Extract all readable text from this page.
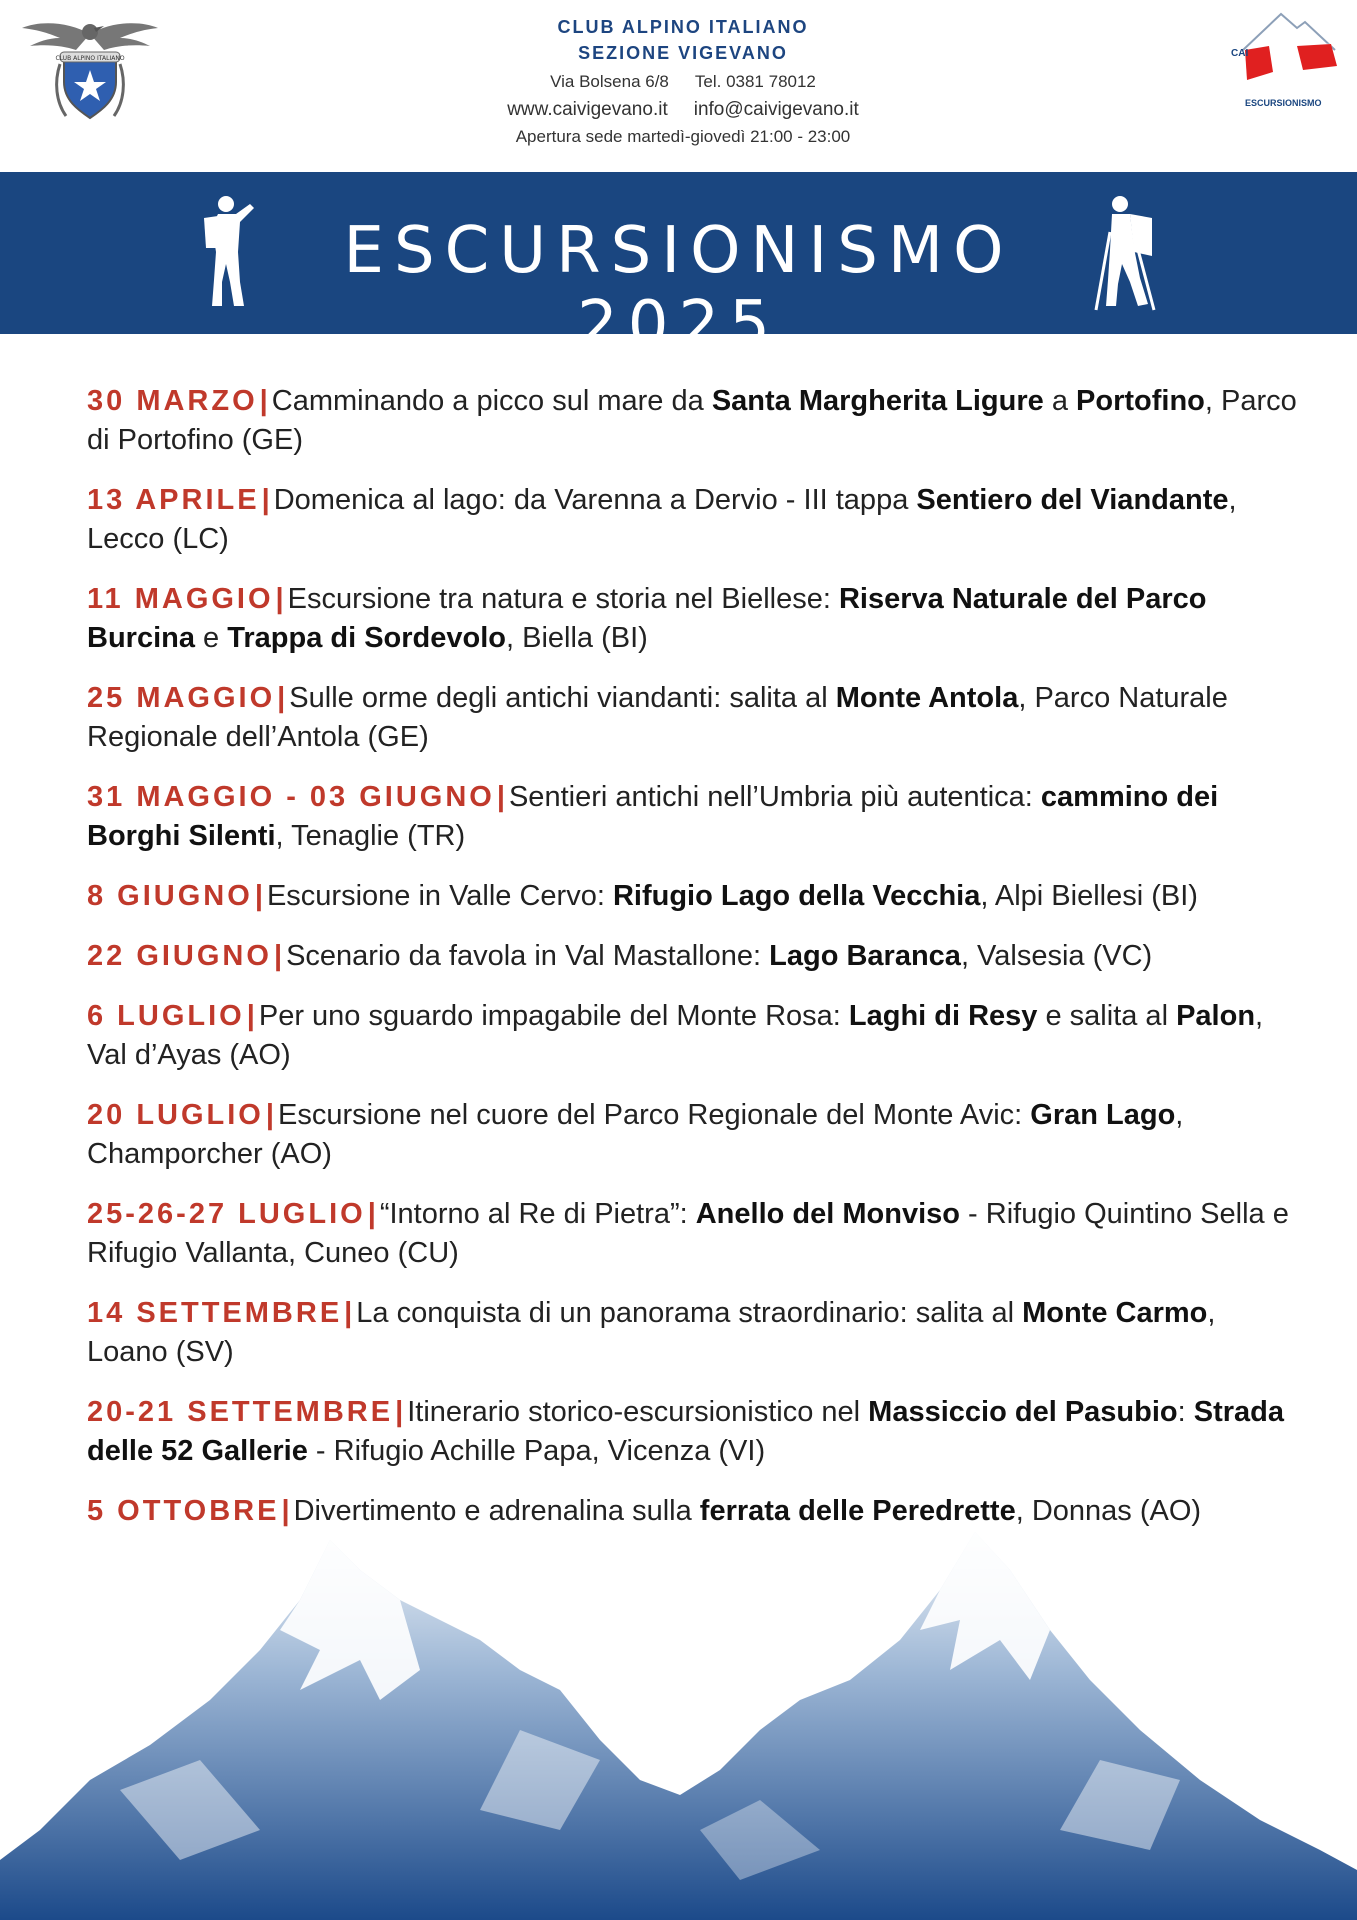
CLUB ALPINO ITALIANO
CLUB ALPINO ITALIANO
SEZIONE VIGEVANO
Via Bolsena 6/8 Tel. 0381 78012
www.caivigevano.it info@caivigevano.it
Apertura sede martedì-giovedì 21:00 - 23:00
CAI
ESCURSIONISMO
ESCURSIONISMO 2025
30 MARZO| Camminando a picco sul mare da Santa Margherita Ligure a Portofino, Parco di Portofino (GE)
13 APRILE| Domenica al lago: da Varenna a Dervio - III tappa Sentiero del Viandante, Lecco (LC)
11 MAGGIO| Escursione tra natura e storia nel Biellese: Riserva Naturale del Parco Burcina e Trappa di Sordevolo, Biella (BI)
25 MAGGIO| Sulle orme degli antichi viandanti: salita al Monte Antola, Parco Naturale Regionale dell’Antola (GE)
31 MAGGIO - 03 GIUGNO| Sentieri antichi nell’Umbria più autentica: cammino dei Borghi Silenti, Tenaglie (TR)
8 GIUGNO| Escursione in Valle Cervo: Rifugio Lago della Vecchia, Alpi Biellesi (BI)
22 GIUGNO| Scenario da favola in Val Mastallone: Lago Baranca, Valsesia (VC)
6 LUGLIO| Per uno sguardo impagabile del Monte Rosa: Laghi di Resy e salita al Palon, Val d’Ayas (AO)
20 LUGLIO| Escursione nel cuore del Parco Regionale del Monte Avic: Gran Lago, Champorcher (AO)
25-26-27 LUGLIO| “Intorno al Re di Pietra”: Anello del Monviso - Rifugio Quintino Sella e Rifugio Vallanta, Cuneo (CU)
14 SETTEMBRE| La conquista di un panorama straordinario: salita al Monte Carmo, Loano (SV)
20-21 SETTEMBRE| Itinerario storico-escursionistico nel Massiccio del Pasubio: Strada delle 52 Gallerie - Rifugio Achille Papa, Vicenza (VI)
5 OTTOBRE| Divertimento e adrenalina sulla ferrata delle Peredrette, Donnas (AO)
